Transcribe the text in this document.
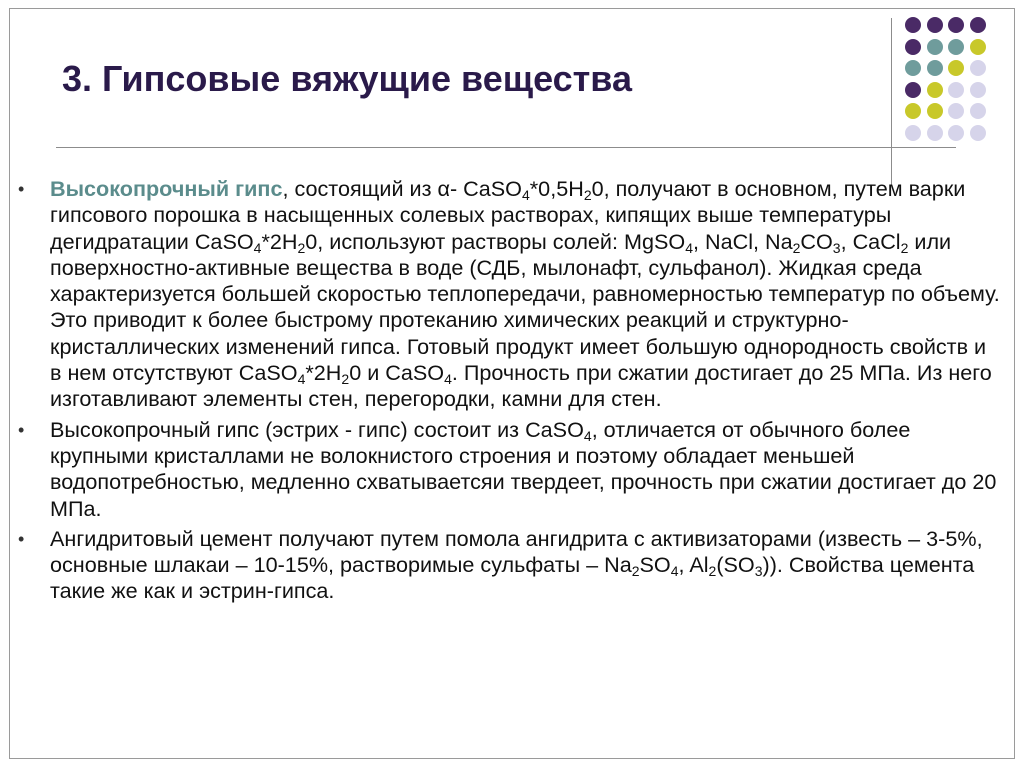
3. Гипсовые вяжущие вещества
• Высокопрочный гипс, состоящий из α- $CaSO_4*0,5H_20$, получают в основном, путем варки гипсового порошка в насыщенных солевых растворах, кипящих выше температуры дегидратации $CaSO_4*2H_20$, используют растворы солей: MgSO$_4$, NaCl, $Na_2CO_3$, CaCl$_2$ или поверхностно-активные вещества в воде (СДБ, мылонафт, сульфанол). Жидкая среда характеризуется большей скоростью теплопередачи, равномерностью температур по объему. Это приводит к более быстрому протеканию химических реакций и структурно-кристаллических изменений гипса. Готовый продукт имеет большую однородность свойств и в нем отсутствуют $CaSO_4*2H_20$ и CaSO$_4$. Прочность при сжатии достигает до 25 МПа. Из него изготавливают элементы стен, перегородки, камни для стен.
• Высокопрочный гипс (эстрих - гипс) состоит из CaSO$_4$, отличается от обычного более крупными кристаллами не волокнистого строения и поэтому обладает меньшей водопотребностью, медленно схватываетсяи твердеет, прочность при сжатии достигает до 20 МПа.
• Ангидритовый цемент получают путем помола ангидрита с активизаторами (известь – 3-5%, основные шлакаи – 10-15%, растворимые сульфаты – $Na_2SO_4$, $Al_2(SO_3)$). Свойства цемента такие же как и эстрин-гипса.
